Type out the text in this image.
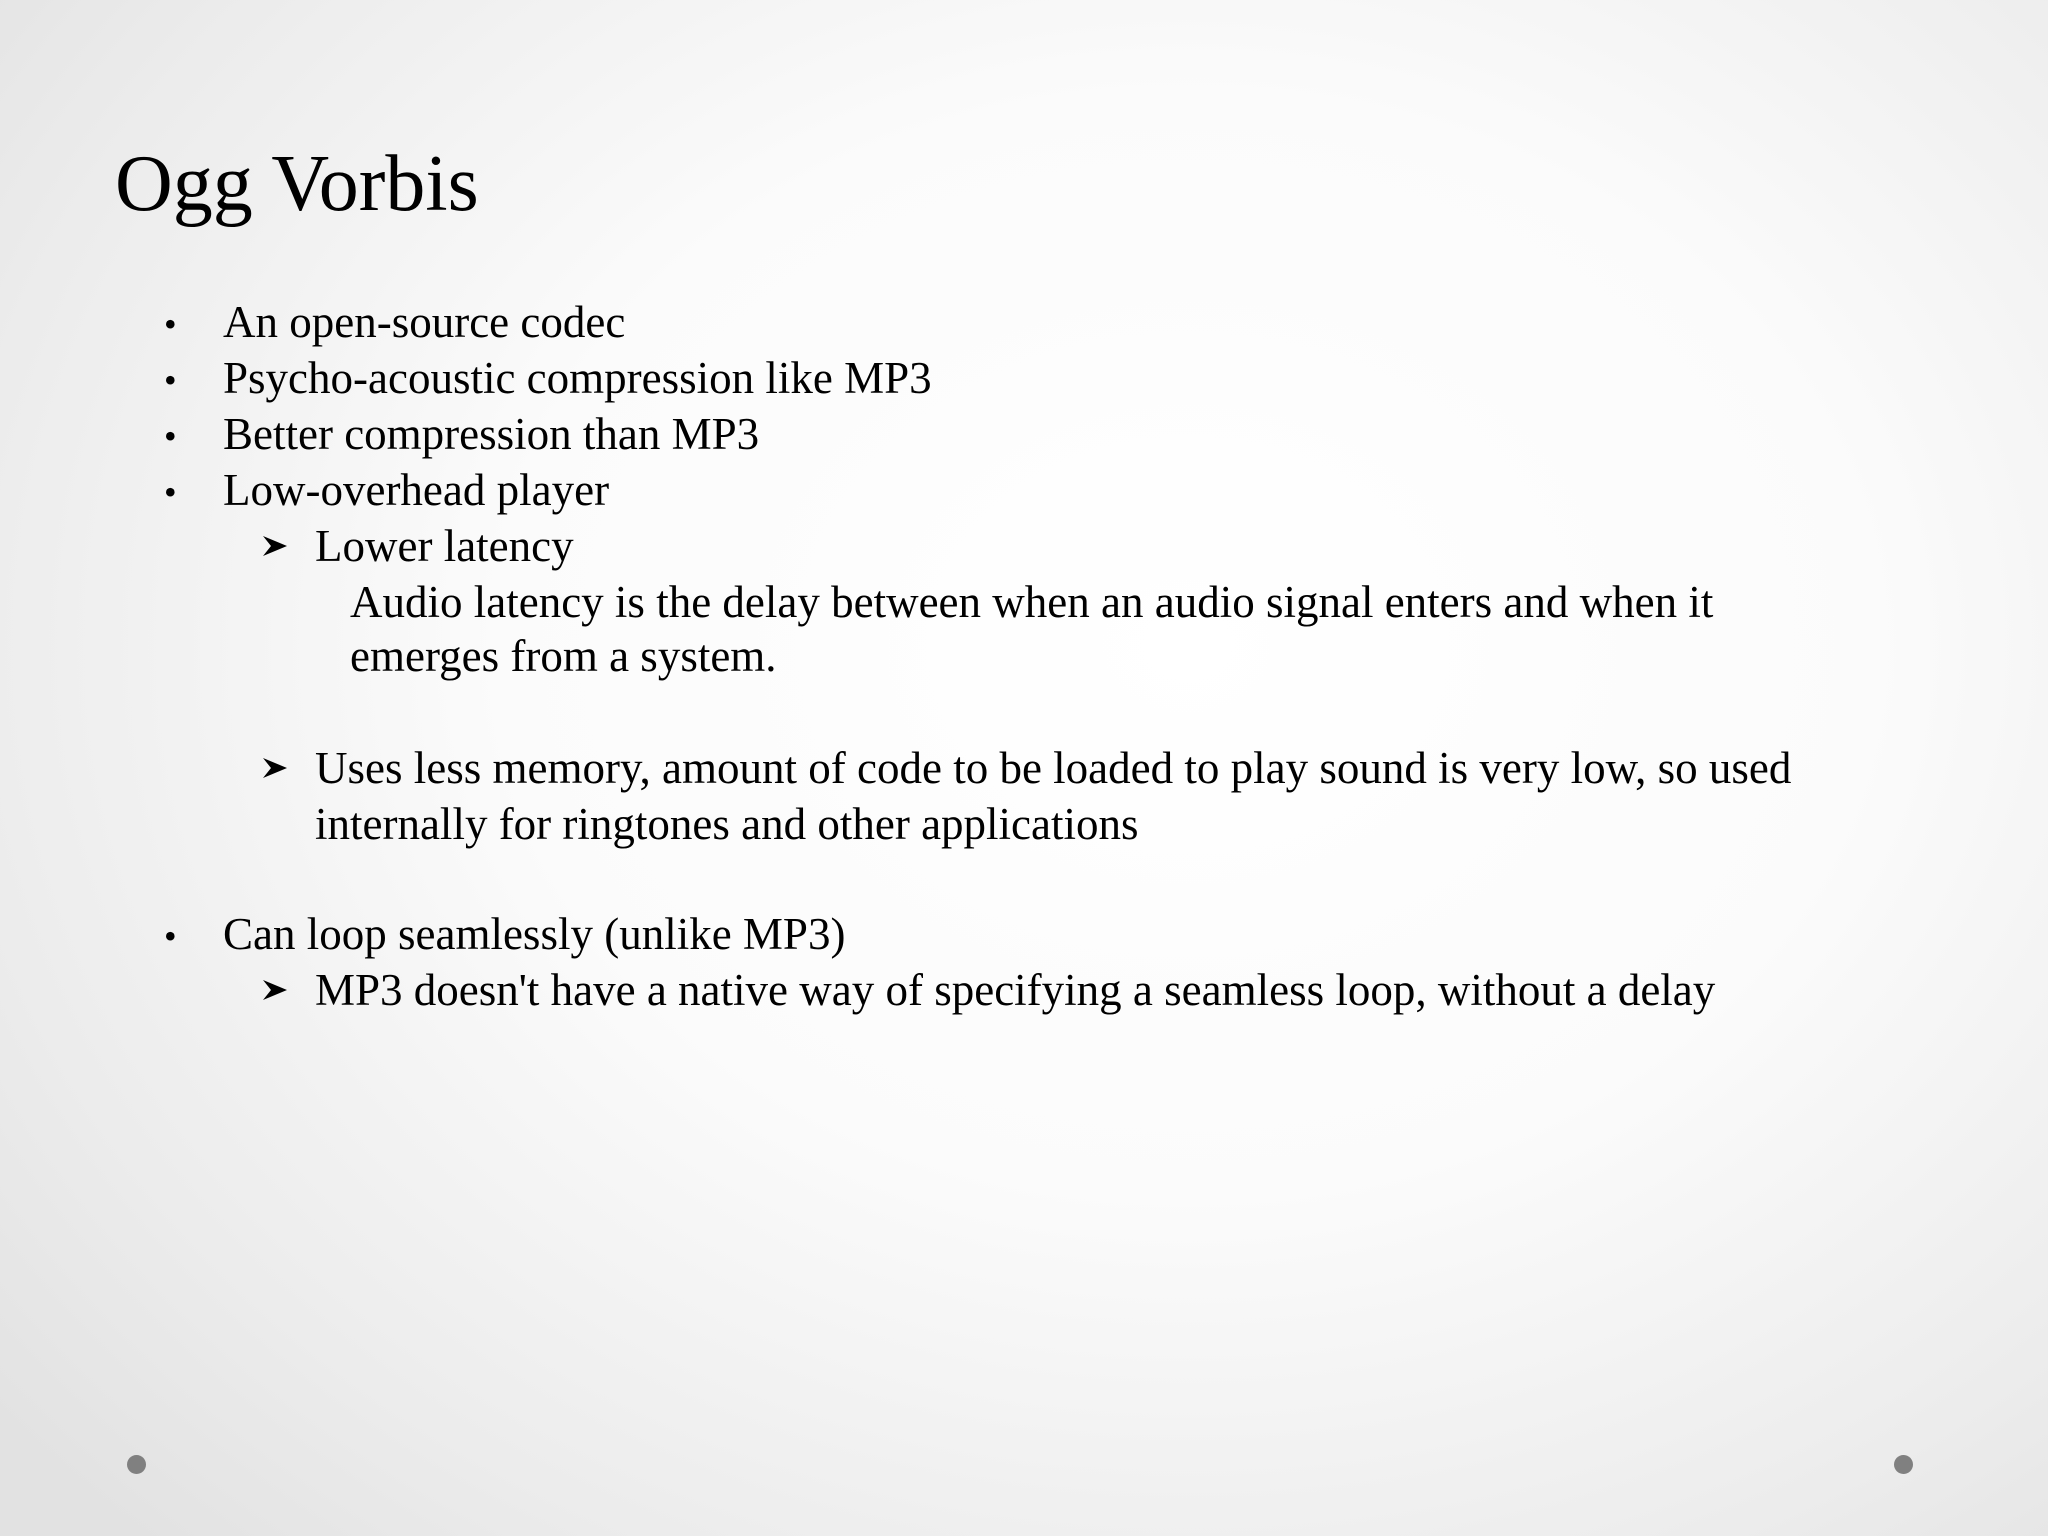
Ogg Vorbis
• An open-source codec
• Psycho-acoustic compression like MP3
• Better compression than MP3
• Low-overhead player
Lower latency
Audio latency is the delay between when an audio signal enters and when it
emerges from a system.
Uses less memory, amount of code to be loaded to play sound is very low, so used
internally for ringtones and other applications
• Can loop seamlessly (unlike MP3)
MP3 doesn't have a native way of specifying a seamless loop, without a delay
